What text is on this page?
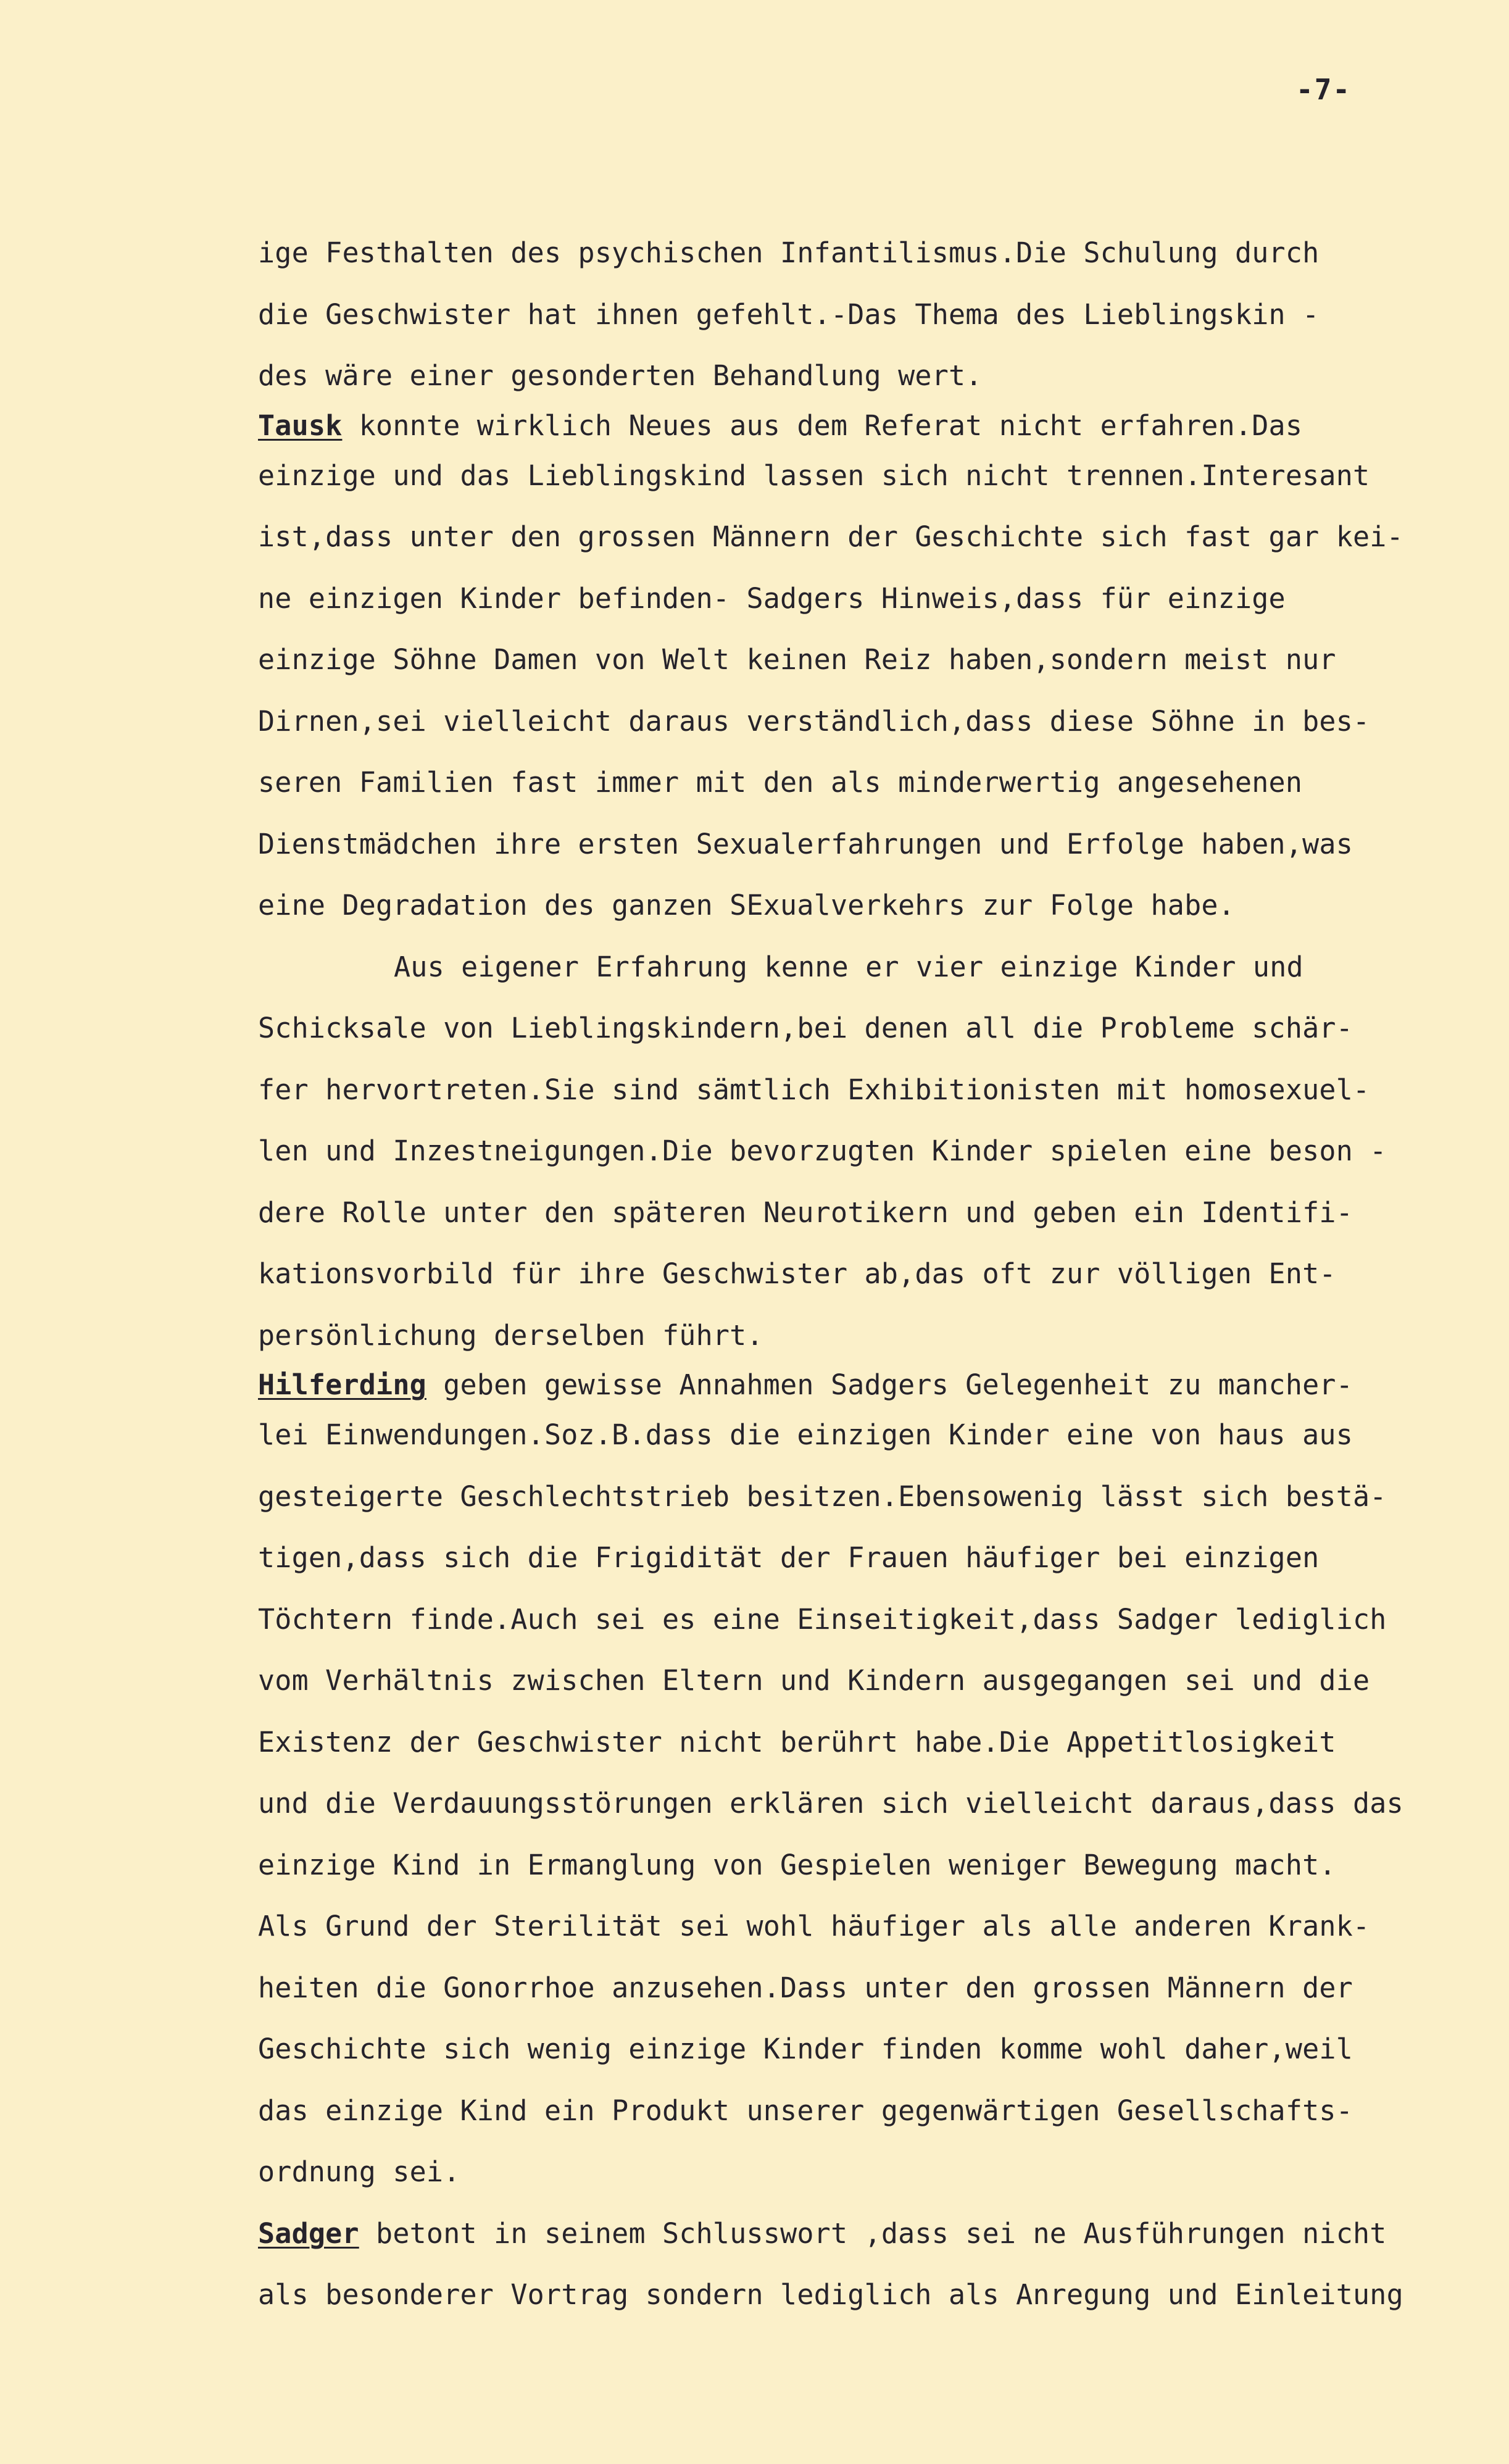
-7-
ige Festhalten des psychischen Infantilismus.Die Schulung durch
die Geschwister hat ihnen gefehlt.-Das Thema des Lieblingskin -
des wäre einer gesonderten Behandlung wert.
Tausk konnte wirklich Neues aus dem Referat nicht erfahren.Das
einzige und das Lieblingskind lassen sich nicht trennen.Interesant
ist,dass unter den grossen Männern der Geschichte sich fast gar kei-
ne einzigen Kinder befinden- Sadgers Hinweis,dass für einzige
einzige Söhne Damen von Welt keinen Reiz haben,sondern meist nur
Dirnen,sei vielleicht daraus verständlich,dass diese Söhne in bes-
seren Familien fast immer mit den als minderwertig angesehenen
Dienstmädchen ihre ersten Sexualerfahrungen und Erfolge haben,was
eine Degradation des ganzen SExualverkehrs zur Folge habe.
Aus eigener Erfahrung kenne er vier einzige Kinder und
Schicksale von Lieblingskindern,bei denen all die Probleme schär-
fer hervortreten.Sie sind sämtlich Exhibitionisten mit homosexuel-
len und Inzestneigungen.Die bevorzugten Kinder spielen eine beson -
dere Rolle unter den späteren Neurotikern und geben ein Identifi-
kationsvorbild für ihre Geschwister ab,das oft zur völligen Ent-
persönlichung derselben führt.
Hilferding geben gewisse Annahmen Sadgers Gelegenheit zu mancher-
lei Einwendungen.Soz.B.dass die einzigen Kinder eine von haus aus
gesteigerte Geschlechtstrieb besitzen.Ebensowenig lässt sich bestä-
tigen,dass sich die Frigidität der Frauen häufiger bei einzigen
Töchtern finde.Auch sei es eine Einseitigkeit,dass Sadger lediglich
vom Verhältnis zwischen Eltern und Kindern ausgegangen sei und die
Existenz der Geschwister nicht berührt habe.Die Appetitlosigkeit
und die Verdauungsstörungen erklären sich vielleicht daraus,dass das
einzige Kind in Ermanglung von Gespielen weniger Bewegung macht.
Als Grund der Sterilität sei wohl häufiger als alle anderen Krank-
heiten die Gonorrhoe anzusehen.Dass unter den grossen Männern der
Geschichte sich wenig einzige Kinder finden komme wohl daher,weil
das einzige Kind ein Produkt unserer gegenwärtigen Gesellschafts-
ordnung sei.
Sadger betont in seinem Schlusswort ,dass sei ne Ausführungen nicht
als besonderer Vortrag sondern lediglich als Anregung und Einleitung
